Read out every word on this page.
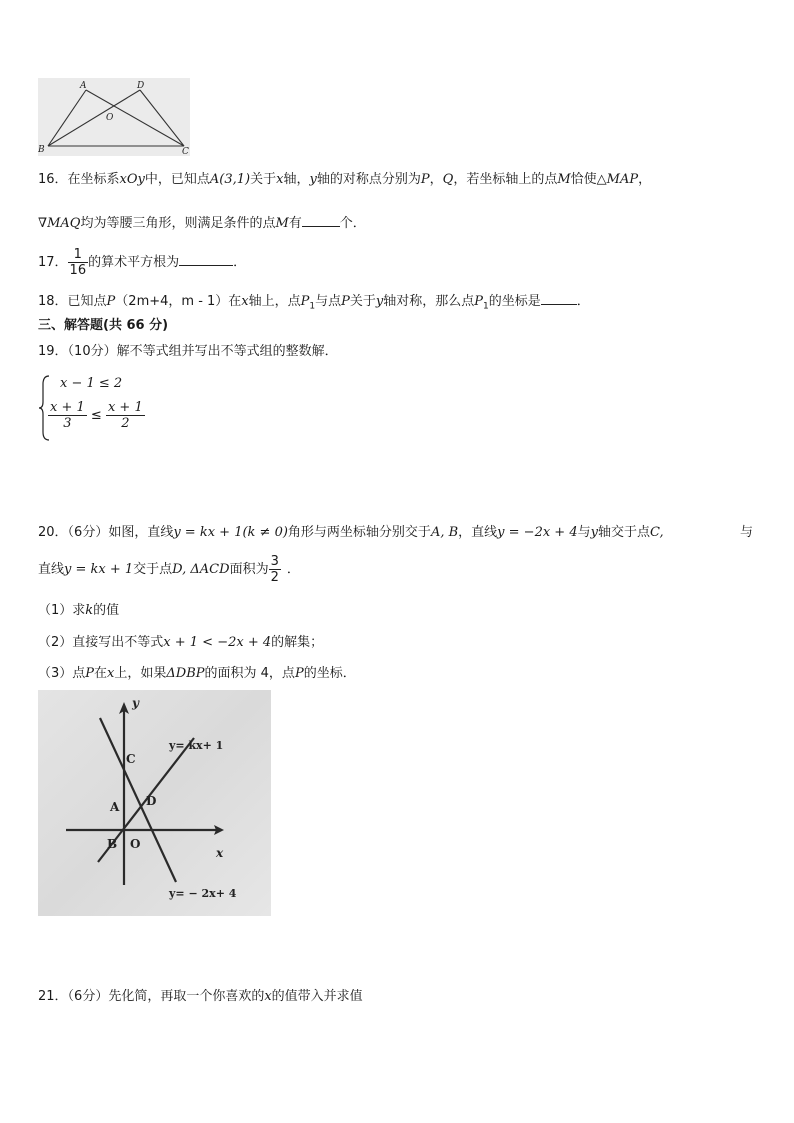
A	D
O
B	C
16．在坐标系xOy中，已知点A(3,1)关于x轴，y轴的对称点分别为P，Q，若坐标轴上的点M恰使△MAP，
∇MAQ均为等腰三角形，则满足条件的点M有	个．
17． $\frac{1}{16}$ 的算术平方根为	．
18．已知点P（2m+4，m - 1）在x轴上，点$P_1$与点P关于y轴对称，那么点$P_1$的坐标是	．
三、解答题(共 66 分)
19．（10分）解不等式组并写出不等式组的整数解．
x − 1 ≤ 2
$\frac{x + 1}{3} \le \frac{x + 1}{2}$
20．（6分）如图，直线y = kx + 1(k ≠ 0)角形与两坐标轴分别交于A, B，直线y = −2x + 4与y轴交于点C,	与
直线y = kx + 1交于点D, ΔACD面积为 $\frac{3}{2}$ ．
（1）求k的值
（2）直接写出不等式x + 1 < −2x + 4的解集；
（3）点P在x上，如果ΔDBP的面积为 4，点P的坐标．
y
x
C
A D
B O
y= kx+ 1
y= − 2x+ 4
21．（6分）先化简，再取一个你喜欢的x的值带入并求值
